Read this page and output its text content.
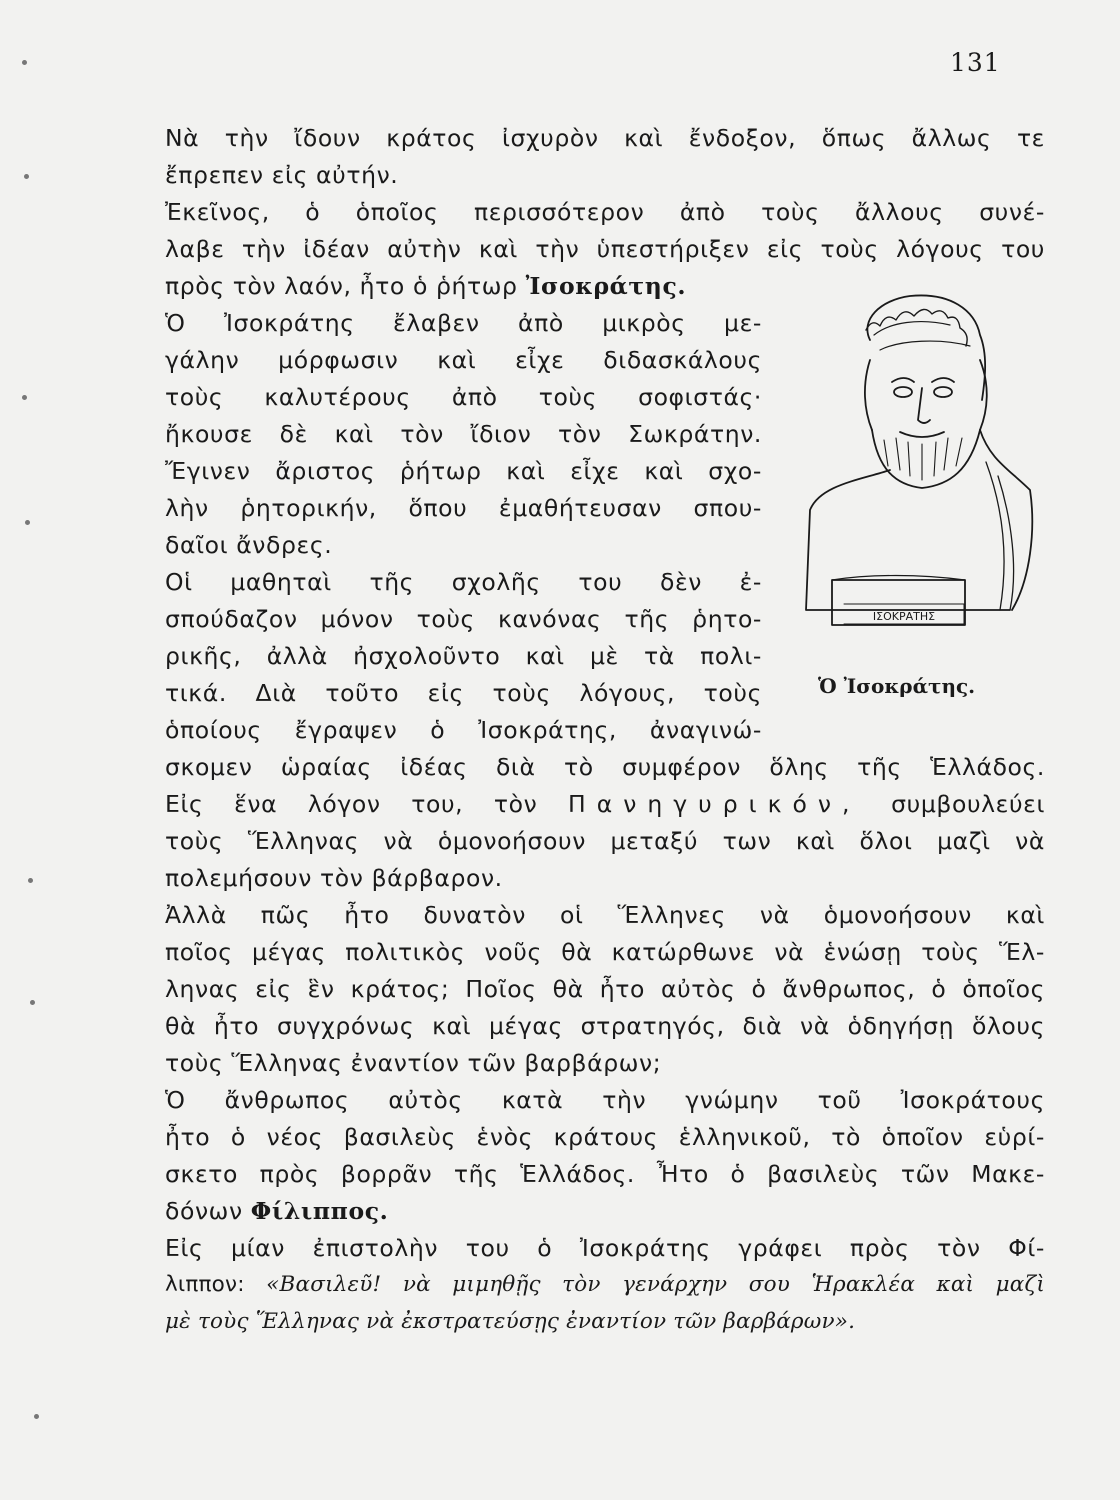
131
Νὰ τὴν ἴδουν κράτος ἰσχυρὸν καὶ ἔνδοξον, ὅπως ἄλλως τε
ἔπρεπεν εἰς αὐτήν.
Ἐκεῖνος, ὁ ὁποῖος περισσότερον ἀπὸ τοὺς ἄλλους συνέ-
λαβε τὴν ἰδέαν αὐτὴν καὶ τὴν ὑπεστήριξεν εἰς τοὺς λόγους του
πρὸς τὸν λαόν, ἦτο ὁ ῥήτωρ Ἰσοκράτης.
Ὁ Ἰσοκράτης ἔλαβεν ἀπὸ μικρὸς με-
γάλην μόρφωσιν καὶ εἶχε διδασκάλους
τοὺς καλυτέρους ἀπὸ τοὺς σοφιστάς·
ἤκουσε δὲ καὶ τὸν ἴδιον τὸν Σωκράτην.
Ἔγινεν ἄριστος ῥήτωρ καὶ εἶχε καὶ σχο-
λὴν ῥητορικήν, ὅπου ἐμαθήτευσαν σπου-
δαῖοι ἄνδρες.
Οἱ μαθηταὶ τῆς σχολῆς του δὲν ἐ-
σπούδαζον μόνον τοὺς κανόνας τῆς ῥητο-
ρικῆς, ἀλλὰ ἠσχολοῦντο καὶ μὲ τὰ πολι-
τικά. Διὰ τοῦτο εἰς τοὺς λόγους, τοὺς
ὁποίους ἔγραψεν ὁ Ἰσοκράτης, ἀναγινώ-
σκομεν ὡραίας ἰδέας διὰ τὸ συμφέρον ὅλης τῆς Ἑλλάδος.
Εἰς ἕνα λόγον του, τὸν Πανηγυρικόν, συμβουλεύει
τοὺς Ἕλληνας νὰ ὁμονοήσουν μεταξύ των καὶ ὅλοι μαζὶ νὰ
πολεμήσουν τὸν βάρβαρον.
Ἀλλὰ πῶς ἦτο δυνατὸν οἱ Ἕλληνες νὰ ὁμονοήσουν καὶ
ποῖος μέγας πολιτικὸς νοῦς θὰ κατώρθωνε νὰ ἑνώσῃ τοὺς Ἕλ-
ληνας εἰς ἓν κράτος; Ποῖος θὰ ἦτο αὐτὸς ὁ ἄνθρωπος, ὁ ὁποῖος
θὰ ἦτο συγχρόνως καὶ μέγας στρατηγός, διὰ νὰ ὁδηγήσῃ ὅλους
τοὺς Ἕλληνας ἐναντίον τῶν βαρβάρων;
Ὁ ἄνθρωπος αὐτὸς κατὰ τὴν γνώμην τοῦ Ἰσοκράτους
ἦτο ὁ νέος βασιλεὺς ἑνὸς κράτους ἑλληνικοῦ, τὸ ὁποῖον εὑρί-
σκετο πρὸς βορρᾶν τῆς Ἑλλάδος. Ἦτο ὁ βασιλεὺς τῶν Μακε-
δόνων Φίλιππος.
Εἰς μίαν ἐπιστολὴν του ὁ Ἰσοκράτης γράφει πρὸς τὸν Φί-
λιππον: «Βασιλεῦ! νὰ μιμηθῇς τὸν γενάρχην σου Ἡρακλέα καὶ μαζὶ
μὲ τοὺς Ἕλληνας νὰ ἐκστρατεύσῃς ἐναντίον τῶν βαρβάρων».
ΙΣΟΚΡΑΤΗΣ
Ὁ Ἰσοκράτης.
